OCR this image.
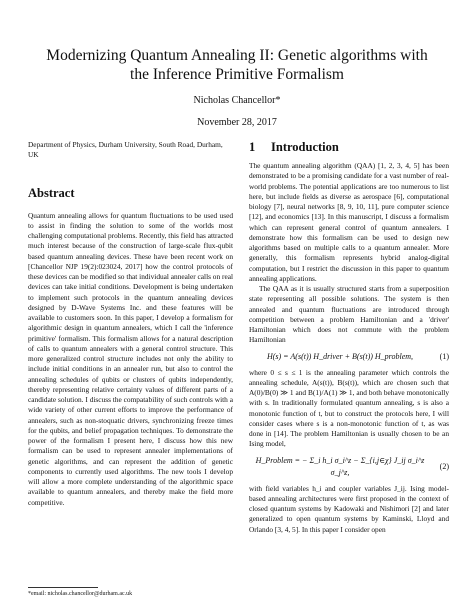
Modernizing Quantum Annealing II: Genetic algorithms with
the Inference Primitive Formalism
Nicholas Chancellor*
November 28, 2017

Department of Physics, Durham University, South Road, Durham, UK

Abstract

Quantum annealing allows for quantum fluctuations to be used used to assist in finding the solution to some of the worlds most challenging computational problems. Recently, this field has attracted much interest because of the construction of large-scale flux-qubit based quantum annealing devices. These have been recent work on [Chancellor NJP 19(2):023024, 2017] how the control protocols of these devices can be modified so that individual annealer calls on real devices can take initial conditions. Development is being undertaken to implement such protocols in the quantum annealing devices designed by D-Wave Systems Inc. and these features will be available to customers soon. In this paper, I develop a formalism for algorithmic design in quantum annealers, which I call the 'inference primitive' formalism. This formalism allows for a natural description of calls to quantum annealers with a general control structure. This more generalized control structure includes not only the ability to include initial conditions in an annealer run, but also to control the annealing schedules of qubits or clusters of qubits independently, thereby representing relative certainty values of different parts of a candidate solution. I discuss the compatability of such controls with a wide variety of other current efforts to improve the performance of annealers, such as non-stoquatic drivers, synchronizing freeze times for the qubits, and belief propagation techniques. To demonstrate the power of the formalism I present here, I discuss how this new formalism can be used to represent annealer implementations of genetic algorithms, and can represent the addition of genetic components to currently used algorithms. The new tools I develop will allow a more complete understanding of the algorithmic space available to quantum annealers, and thereby make the field more competitive.

1 Introduction

The quantum annealing algorithm (QAA) [1, 2, 3, 4, 5] has been demonstrated to be a promising candidate for a vast number of real-world problems. The potential applications are too numerous to list here, but include fields as diverse as aerospace [6], computational biology [7], neural networks [8, 9, 10, 11], pure computer science [12], and economics [13]. In this manuscript, I discuss a formalism which can represent general control of quantum annealers. I demonstrate how this formalism can be used to design new algorithms based on multiple calls to a quantum annealer. More generally, this formalism represents hybrid analog-digital computation, but I restrict the discussion in this paper to quantum annealing applications.

The QAA as it is usually structured starts from a superposition state representing all possible solutions. The system is then annealed and quantum fluctuations are introduced through competition between a problem Hamiltonian and a 'driver' Hamiltonian which does not commute with the problem Hamiltonian

H(s) = A(s(t)) H_driver + B(s(t)) H_problem,	(1)

where 0 ≤ s ≤ 1 is the annealing parameter which controls the annealing schedule, A(s(t)), B(s(t)), which are chosen such that A(0)/B(0) ≫ 1 and B(1)/A(1) ≫ 1, and both behave monotonically with s. In traditionally formulated quantum annealing, s is also a monotonic function of t, but to construct the protocols here, I will consider cases where s is a non-monotonic function of t, as was done in [14]. The problem Hamiltonian is usually chosen to be an Ising model,

H_Problem = − Σ_i h_i σ_i^z − Σ_{i,j∈χ} J_ij σ_i^z σ_j^z,
(2)

with field variables h_i and coupler variables J_ij. Ising model-based annealing architectures were first proposed in the context of closed quantum systems by Kadowaki and Nishimori [2] and later generalized to open quantum systems by Kaminski, Lloyd and Orlando [3, 4, 5]. In this paper I consider open

*email: nicholas.chancellor@durham.ac.uk
